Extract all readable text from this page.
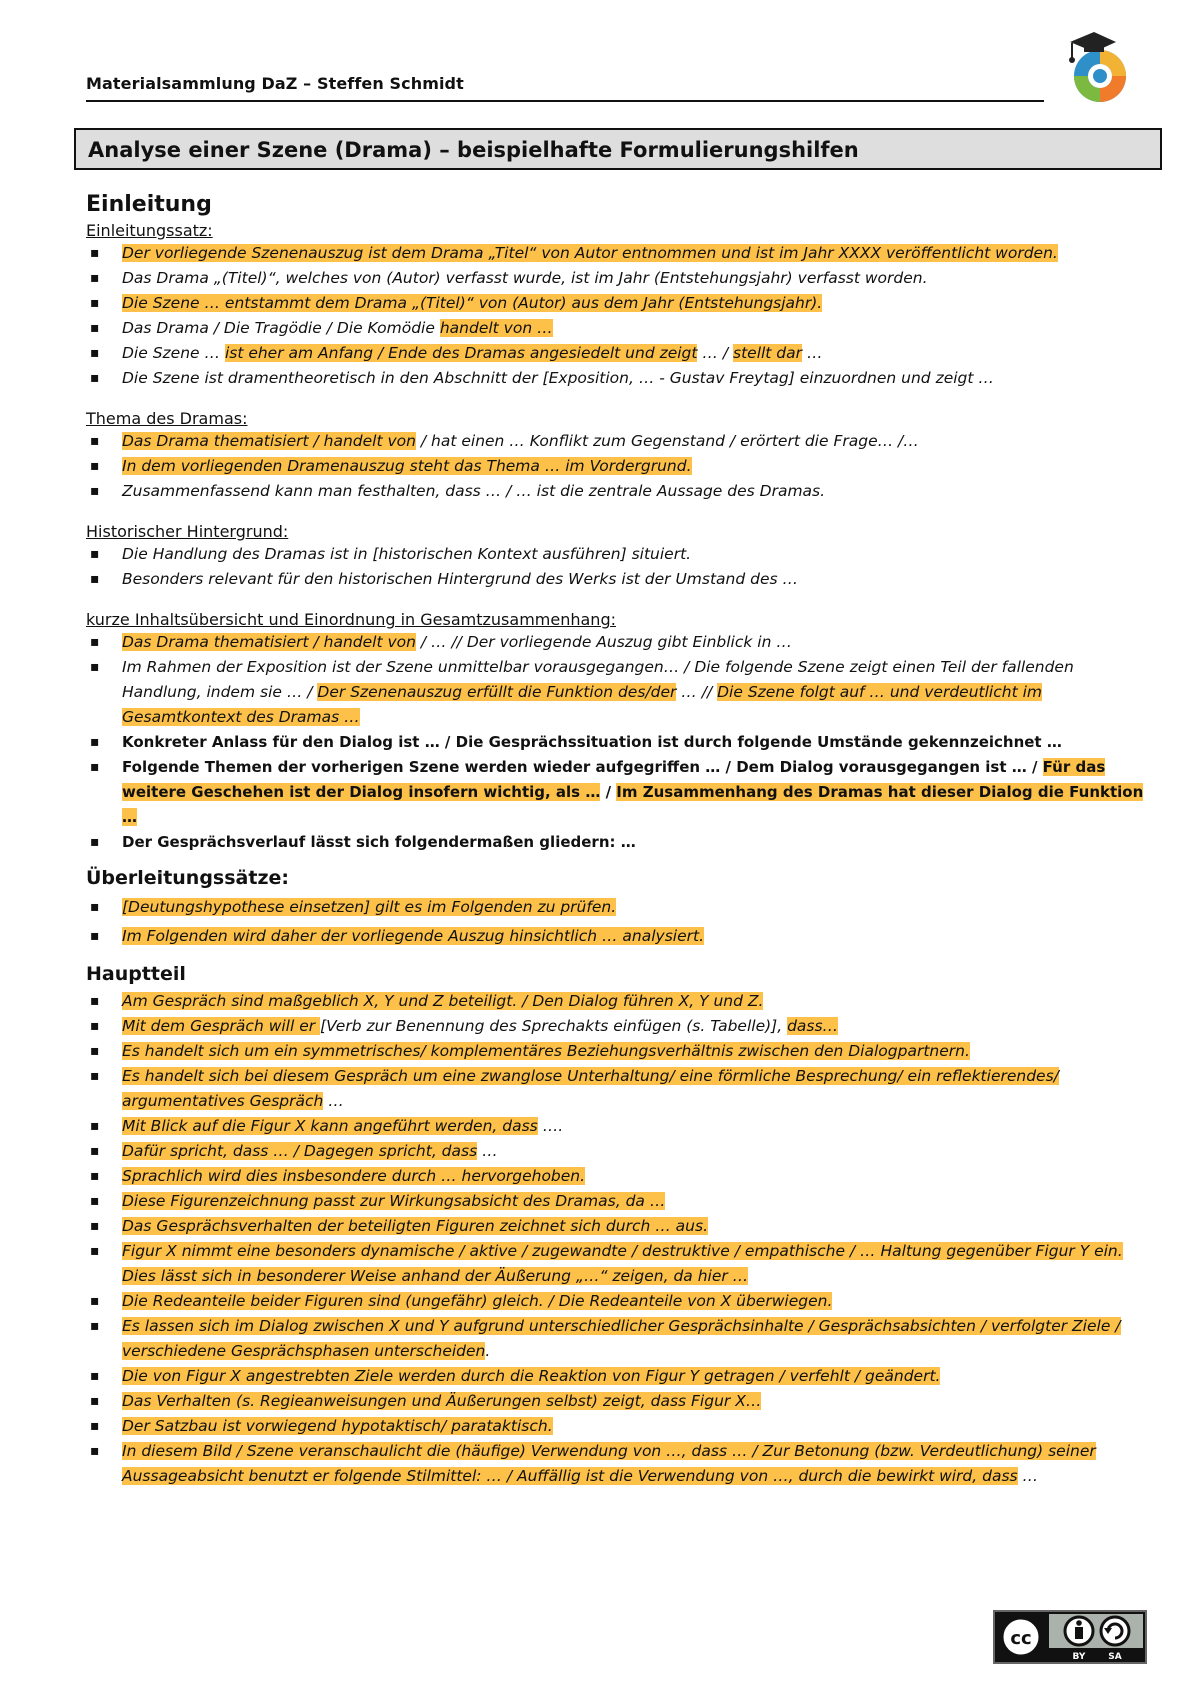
Materialsammlung DaZ – Steffen Schmidt
Analyse einer Szene (Drama) – beispielhafte Formulierungshilfen
Einleitung
Einleitungssatz:
▪ Der vorliegende Szenenauszug ist dem Drama „Titel“ von Autor entnommen und ist im Jahr XXXX veröffentlicht worden.
▪ Das Drama „(Titel)“, welches von (Autor) verfasst wurde, ist im Jahr (Entstehungsjahr) verfasst worden.
▪ Die Szene … entstammt dem Drama „(Titel)“ von (Autor) aus dem Jahr (Entstehungsjahr).
▪ Das Drama / Die Tragödie / Die Komödie handelt von …
▪ Die Szene … ist eher am Anfang / Ende des Dramas angesiedelt und zeigt … / stellt dar …
▪ Die Szene ist dramentheoretisch in den Abschnitt der [Exposition, … - Gustav Freytag] einzuordnen und zeigt …
Thema des Dramas:
▪ Das Drama thematisiert / handelt von / hat einen … Konflikt zum Gegenstand / erörtert die Frage… /…
▪ In dem vorliegenden Dramenauszug steht das Thema … im Vordergrund.
▪ Zusammenfassend kann man festhalten, dass … / … ist die zentrale Aussage des Dramas.
Historischer Hintergrund:
▪ Die Handlung des Dramas ist in [historischen Kontext ausführen] situiert.
▪ Besonders relevant für den historischen Hintergrund des Werks ist der Umstand des …
kurze Inhaltsübersicht und Einordnung in Gesamtzusammenhang:
▪ Das Drama thematisiert / handelt von / … // Der vorliegende Auszug gibt Einblick in …
▪ Im Rahmen der Exposition ist der Szene unmittelbar vorausgegangen… / Die folgende Szene zeigt einen Teil der fallenden Handlung, indem sie … / Der Szenenauszug erfüllt die Funktion des/der … // Die Szene folgt auf … und verdeutlicht im Gesamtkontext des Dramas …
▪ Konkreter Anlass für den Dialog ist … / Die Gesprächssituation ist durch folgende Umstände gekennzeichnet …
▪ Folgende Themen der vorherigen Szene werden wieder aufgegriffen … / Dem Dialog vorausgegangen ist … / Für das weitere Geschehen ist der Dialog insofern wichtig, als … / Im Zusammenhang des Dramas hat dieser Dialog die Funktion …
▪ Der Gesprächsverlauf lässt sich folgendermaßen gliedern: …
Überleitungssätze:
▪ [Deutungshypothese einsetzen] gilt es im Folgenden zu prüfen.
▪ Im Folgenden wird daher der vorliegende Auszug hinsichtlich … analysiert.
Hauptteil
▪ Am Gespräch sind maßgeblich X, Y und Z beteiligt. / Den Dialog führen X, Y und Z.
▪ Mit dem Gespräch will er [Verb zur Benennung des Sprechakts einfügen (s. Tabelle)], dass…
▪ Es handelt sich um ein symmetrisches/ komplementäres Beziehungsverhältnis zwischen den Dialogpartnern.
▪ Es handelt sich bei diesem Gespräch um eine zwanglose Unterhaltung/ eine förmliche Besprechung/ ein reflektierendes/ argumentatives Gespräch …
▪ Mit Blick auf die Figur X kann angeführt werden, dass ….
▪ Dafür spricht, dass … / Dagegen spricht, dass …
▪ Sprachlich wird dies insbesondere durch … hervorgehoben.
▪ Diese Figurenzeichnung passt zur Wirkungsabsicht des Dramas, da …
▪ Das Gesprächsverhalten der beteiligten Figuren zeichnet sich durch … aus.
▪ Figur X nimmt eine besonders dynamische / aktive / zugewandte / destruktive / empathische / … Haltung gegenüber Figur Y ein. Dies lässt sich in besonderer Weise anhand der Äußerung „…“ zeigen, da hier …
▪ Die Redeanteile beider Figuren sind (ungefähr) gleich. / Die Redeanteile von X überwiegen.
▪ Es lassen sich im Dialog zwischen X und Y aufgrund unterschiedlicher Gesprächsinhalte / Gesprächsabsichten / verfolgter Ziele / verschiedene Gesprächsphasen unterscheiden.
▪ Die von Figur X angestrebten Ziele werden durch die Reaktion von Figur Y getragen / verfehlt / geändert.
▪ Das Verhalten (s. Regieanweisungen und Äußerungen selbst) zeigt, dass Figur X…
▪ Der Satzbau ist vorwiegend hypotaktisch/ parataktisch.
▪ In diesem Bild / Szene veranschaulicht die (häufige) Verwendung von …, dass … / Zur Betonung (bzw. Verdeutlichung) seiner Aussageabsicht benutzt er folgende Stilmittel: … / Auffällig ist die Verwendung von …, durch die bewirkt wird, dass …
cc
BY	SA
